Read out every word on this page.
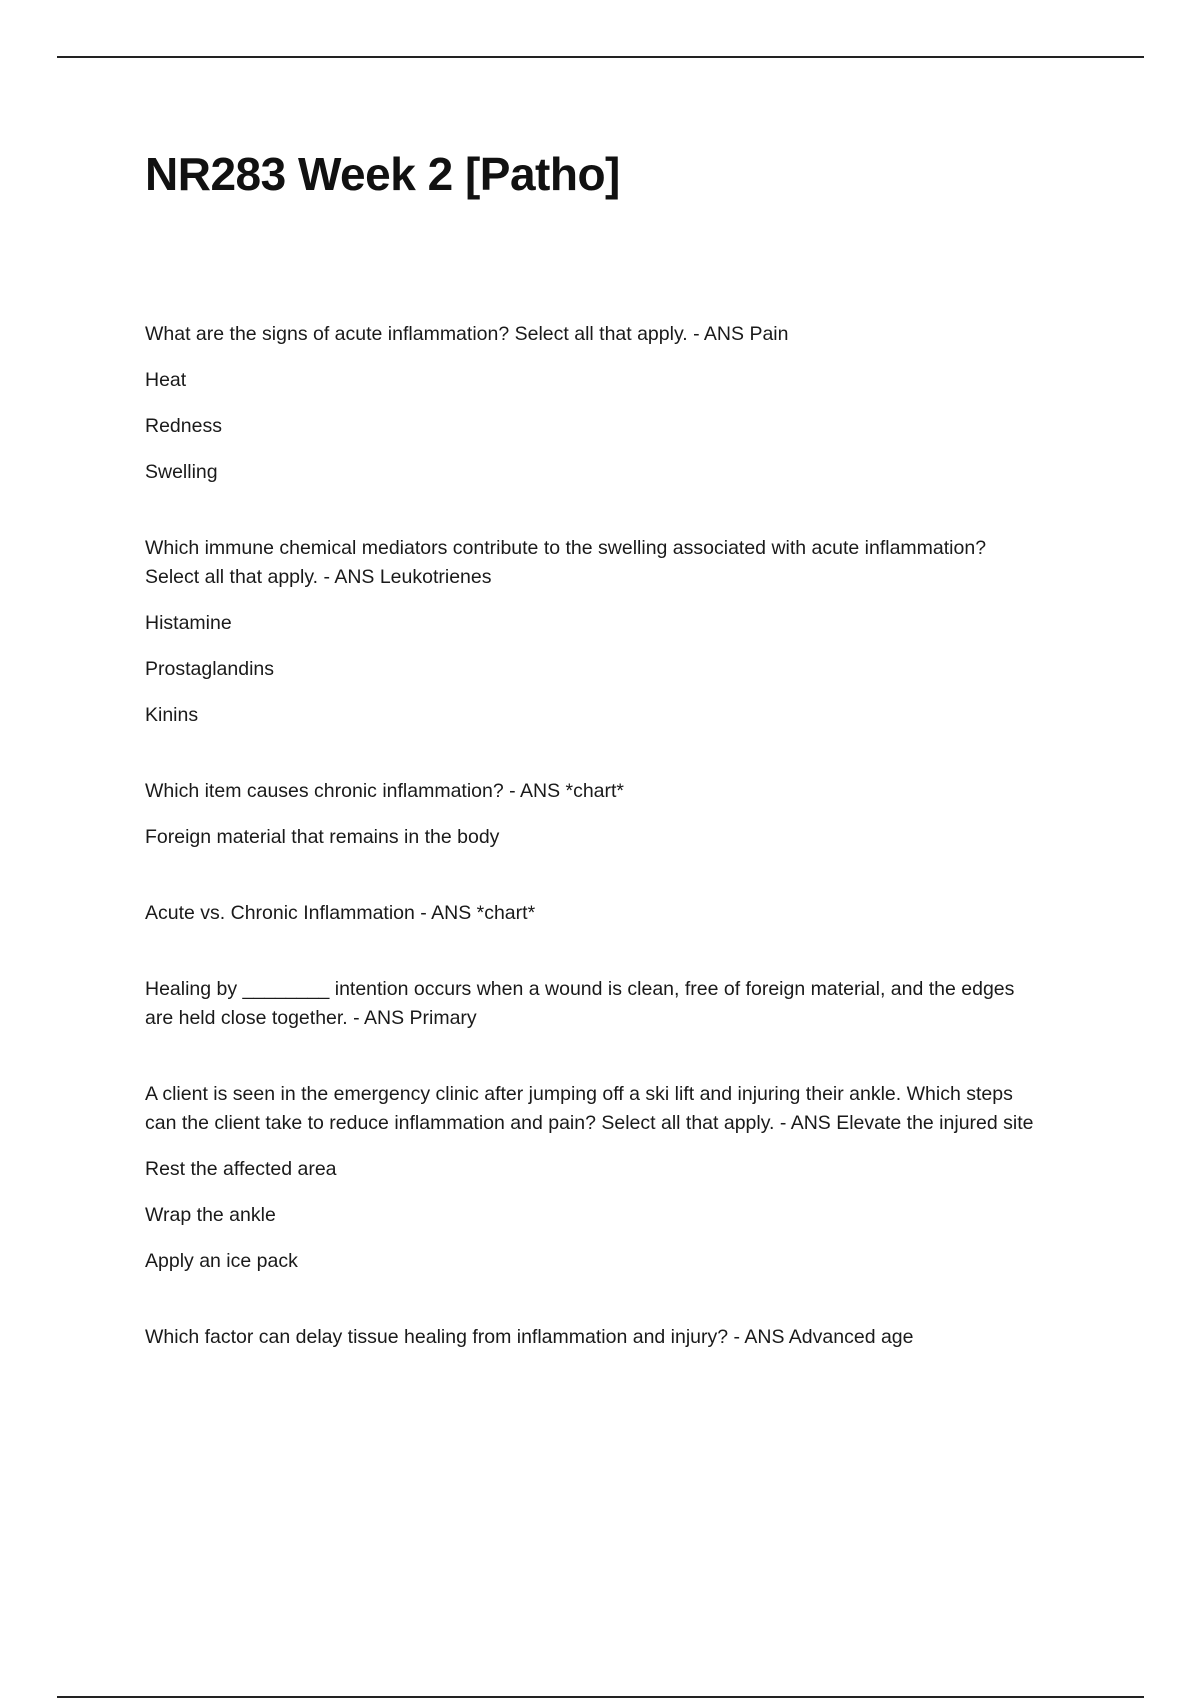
NR283 Week 2 [Patho]

What are the signs of acute inflammation? Select all that apply. - ANS Pain

Heat

Redness

Swelling

Which immune chemical mediators contribute to the swelling associated with acute inflammation? Select all that apply. - ANS Leukotrienes

Histamine

Prostaglandins

Kinins

Which item causes chronic inflammation? - ANS *chart*

Foreign material that remains in the body

Acute vs. Chronic Inflammation - ANS *chart*

Healing by ________ intention occurs when a wound is clean, free of foreign material, and the edges are held close together. - ANS Primary

A client is seen in the emergency clinic after jumping off a ski lift and injuring their ankle. Which steps can the client take to reduce inflammation and pain? Select all that apply. - ANS Elevate the injured site

Rest the affected area

Wrap the ankle

Apply an ice pack

Which factor can delay tissue healing from inflammation and injury? - ANS Advanced age
